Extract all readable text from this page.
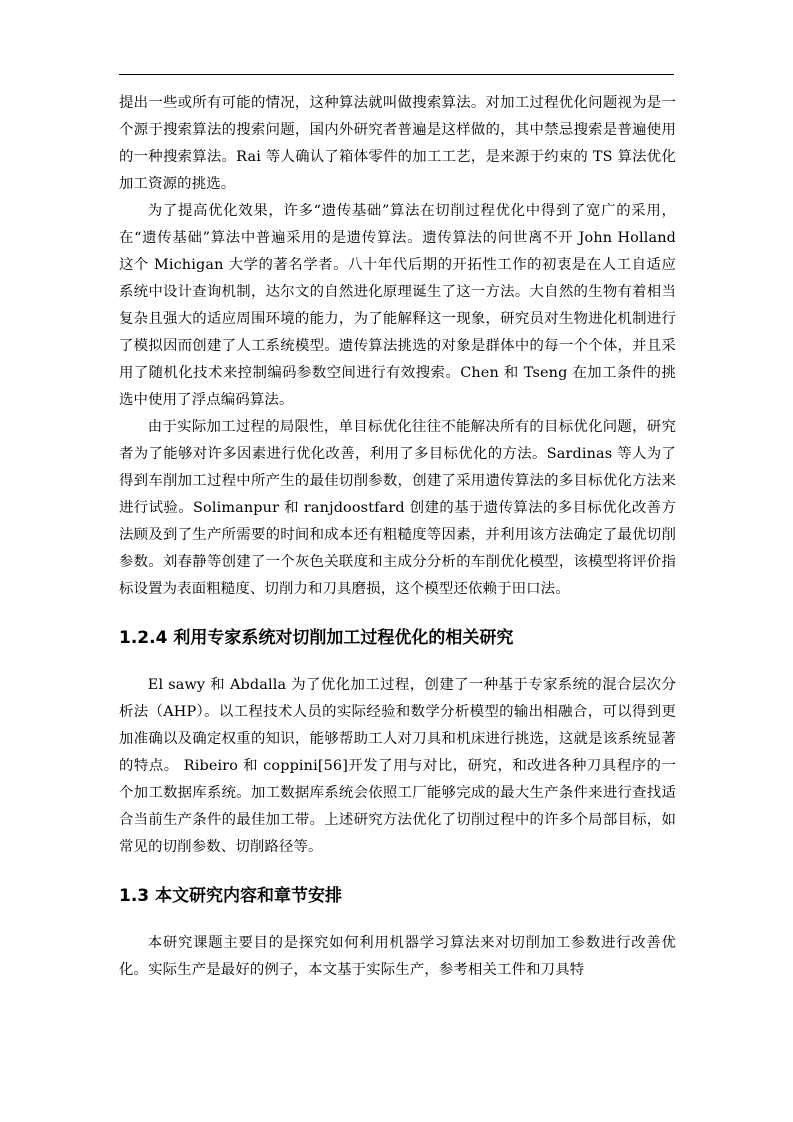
提出一些或所有可能的情况，这种算法就叫做搜索算法。对加工过程优化问题视为是一个源于搜索算法的搜索问题，国内外研究者普遍是这样做的，其中禁忌搜索是普遍使用的一种搜索算法。Rai 等人确认了箱体零件的加工工艺，是来源于约束的 TS 算法优化加工资源的挑选。

为了提高优化效果，许多“遗传基础”算法在切削过程优化中得到了宽广的采用，在“遗传基础”算法中普遍采用的是遗传算法。遗传算法的问世离不开 John Holland 这个 Michigan 大学的著名学者。八十年代后期的开拓性工作的初衷是在人工自适应系统中设计查询机制，达尔文的自然进化原理诞生了这一方法。大自然的生物有着相当复杂且强大的适应周围环境的能力，为了能解释这一现象，研究员对生物进化机制进行了模拟因而创建了人工系统模型。遗传算法挑选的对象是群体中的每一个个体，并且采用了随机化技术来控制编码参数空间进行有效搜索。Chen 和 Tseng 在加工条件的挑选中使用了浮点编码算法。

由于实际加工过程的局限性，单目标优化往往不能解决所有的目标优化问题，研究者为了能够对许多因素进行优化改善，利用了多目标优化的方法。Sardinas 等人为了得到车削加工过程中所产生的最佳切削参数，创建了采用遗传算法的多目标优化方法来进行试验。Solimanpur 和 ranjdoostfard 创建的基于遗传算法的多目标优化改善方法顾及到了生产所需要的时间和成本还有粗糙度等因素，并利用该方法确定了最优切削参数。刘春静等创建了一个灰色关联度和主成分分析的车削优化模型，该模型将评价指标设置为表面粗糙度、切削力和刀具磨损，这个模型还依赖于田口法。

1.2.4 利用专家系统对切削加工过程优化的相关研究

El sawy 和 Abdalla 为了优化加工过程，创建了一种基于专家系统的混合层次分析法（AHP）。以工程技术人员的实际经验和数学分析模型的输出相融合，可以得到更加准确以及确定权重的知识，能够帮助工人对刀具和机床进行挑选，这就是该系统显著的特点。 Ribeiro 和 coppini[56]开发了用与对比，研究，和改进各种刀具程序的一个加工数据库系统。加工数据库系统会依照工厂能够完成的最大生产条件来进行查找适合当前生产条件的最佳加工带。上述研究方法优化了切削过程中的许多个局部目标，如常见的切削参数、切削路径等。

1.3 本文研究内容和章节安排

本研究课题主要目的是探究如何利用机器学习算法来对切削加工参数进行改善优化。实际生产是最好的例子，本文基于实际生产，参考相关工件和刀具特
